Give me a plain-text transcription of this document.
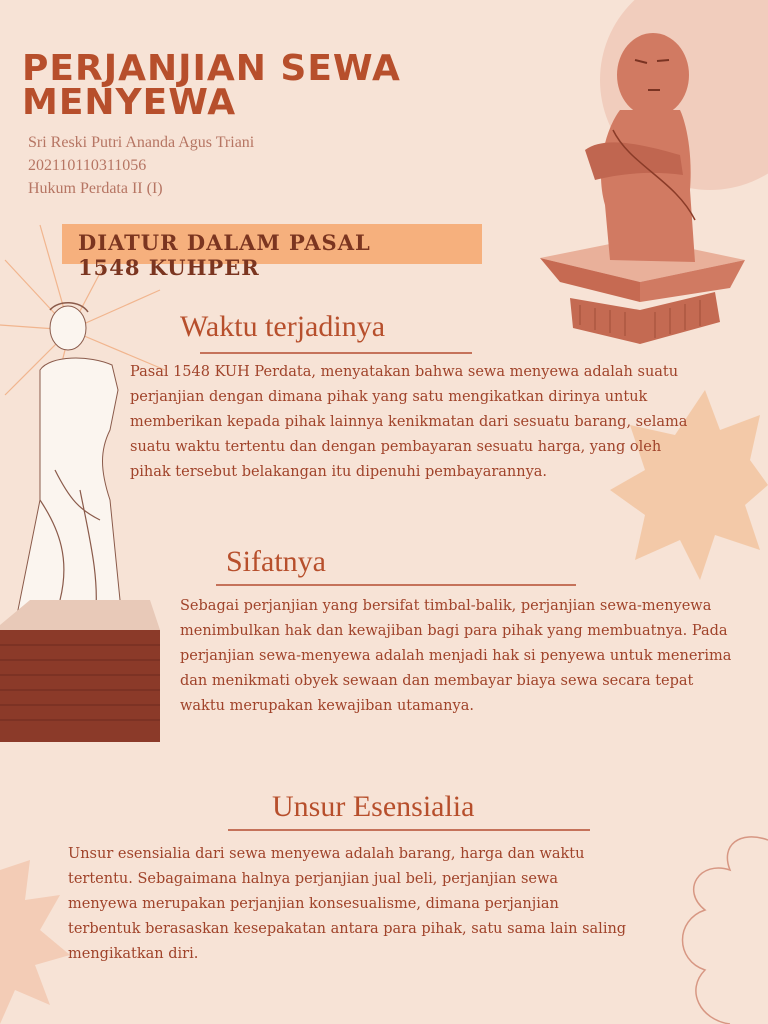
PERJANJIAN SEWA
MENYEWA
Sri Reski Putri Ananda Agus Triani
202110110311056
Hukum Perdata II (I)
DIATUR DALAM PASAL
1548 KUHPER
Waktu terjadinya
Pasal 1548 KUH Perdata, menyatakan bahwa sewa menyewa adalah suatu perjanjian dengan dimana pihak yang satu mengikatkan dirinya untuk memberikan kepada pihak lainnya kenikmatan dari sesuatu barang, selama suatu waktu tertentu dan dengan pembayaran sesuatu harga, yang oleh pihak tersebut belakangan itu dipenuhi pembayarannya.
Sifatnya
Sebagai perjanjian yang bersifat timbal-balik, perjanjian sewa-menyewa menimbulkan hak dan kewajiban bagi para pihak yang membuatnya. Pada perjanjian sewa-menyewa adalah menjadi hak si penyewa untuk menerima dan menikmati obyek sewaan dan membayar biaya sewa secara tepat waktu merupakan kewajiban utamanya.
Unsur Esensialia
Unsur esensialia dari sewa menyewa adalah barang, harga dan waktu tertentu. Sebagaimana halnya perjanjian jual beli, perjanjian sewa menyewa merupakan perjanjian konsesualisme, dimana perjanjian terbentuk berasaskan kesepakatan antara para pihak, satu sama lain saling mengikatkan diri.
